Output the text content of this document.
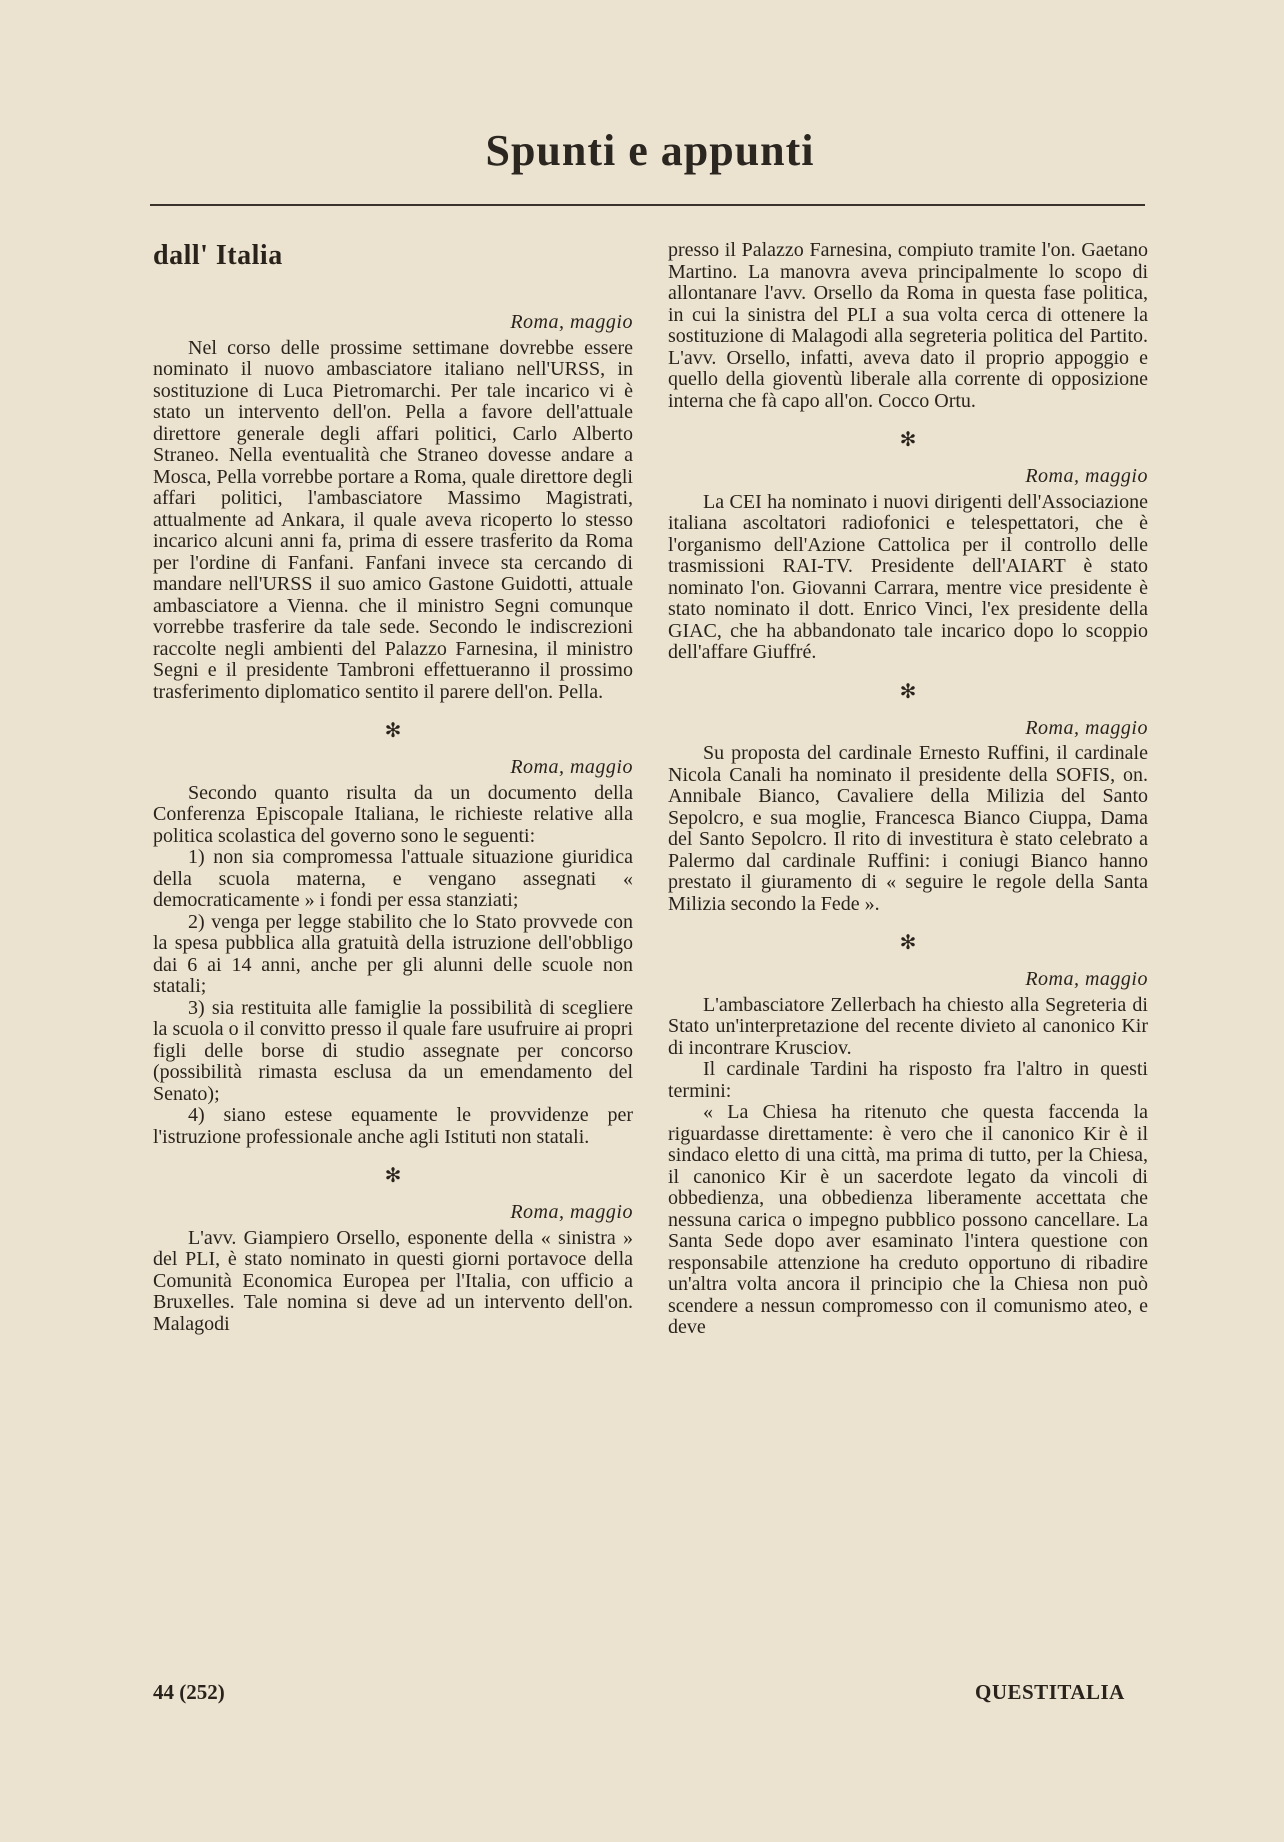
Spunti e appunti
dall' Italia
Roma, maggio

Nel corso delle prossime settimane dovrebbe essere nominato il nuovo ambasciatore italiano nell'URSS, in sostituzione di Luca Pietromarchi. Per tale incarico vi è stato un intervento dell'on. Pella a favore dell'attuale direttore generale degli affari politici, Carlo Alberto Straneo. Nella eventualità che Straneo dovesse andare a Mosca, Pella vorrebbe portare a Roma, quale direttore degli affari politici, l'ambasciatore Massimo Magistrati, attualmente ad Ankara, il quale aveva ricoperto lo stesso incarico alcuni anni fa, prima di essere trasferito da Roma per l'ordine di Fanfani. Fanfani invece sta cercando di mandare nell'URSS il suo amico Gastone Guidotti, attuale ambasciatore a Vienna. che il ministro Segni comunque vorrebbe trasferire da tale sede. Secondo le indiscrezioni raccolte negli ambienti del Palazzo Farnesina, il ministro Segni e il presidente Tambroni effettueranno il prossimo trasferimento diplomatico sentito il parere dell'on. Pella.

✻
Roma, maggio

Secondo quanto risulta da un documento della Conferenza Episcopale Italiana, le richieste relative alla politica scolastica del governo sono le seguenti:

1) non sia compromessa l'attuale situazione giuridica della scuola materna, e vengano assegnati « democraticamente » i fondi per essa stanziati;

2) venga per legge stabilito che lo Stato provvede con la spesa pubblica alla gratuità della istruzione dell'obbligo dai 6 ai 14 anni, anche per gli alunni delle scuole non statali;

3) sia restituita alle famiglie la possibilità di scegliere la scuola o il convitto presso il quale fare usufruire ai propri figli delle borse di studio assegnate per concorso (possibilità rimasta esclusa da un emendamento del Senato);

4) siano estese equamente le provvidenze per l'istruzione professionale anche agli Istituti non statali.

✻
Roma, maggio

L'avv. Giampiero Orsello, esponente della « sinistra » del PLI, è stato nominato in questi giorni portavoce della Comunità Economica Europea per l'Italia, con ufficio a Bruxelles. Tale nomina si deve ad un intervento dell'on. Malagodi

presso il Palazzo Farnesina, compiuto tramite l'on. Gaetano Martino. La manovra aveva principalmente lo scopo di allontanare l'avv. Orsello da Roma in questa fase politica, in cui la sinistra del PLI a sua volta cerca di ottenere la sostituzione di Malagodi alla segreteria politica del Partito. L'avv. Orsello, infatti, aveva dato il proprio appoggio e quello della gioventù liberale alla corrente di opposizione interna che fà capo all'on. Cocco Ortu.

✻
Roma, maggio

La CEI ha nominato i nuovi dirigenti dell'Associazione italiana ascoltatori radiofonici e telespettatori, che è l'organismo dell'Azione Cattolica per il controllo delle trasmissioni RAI-TV. Presidente dell'AIART è stato nominato l'on. Giovanni Carrara, mentre vice presidente è stato nominato il dott. Enrico Vinci, l'ex presidente della GIAC, che ha abbandonato tale incarico dopo lo scoppio dell'affare Giuffré.

✻
Roma, maggio

Su proposta del cardinale Ernesto Ruffini, il cardinale Nicola Canali ha nominato il presidente della SOFIS, on. Annibale Bianco, Cavaliere della Milizia del Santo Sepolcro, e sua moglie, Francesca Bianco Ciuppa, Dama del Santo Sepolcro. Il rito di investitura è stato celebrato a Palermo dal cardinale Ruffini: i coniugi Bianco hanno prestato il giuramento di « seguire le regole della Santa Milizia secondo la Fede ».

✻
Roma, maggio

L'ambasciatore Zellerbach ha chiesto alla Segreteria di Stato un'interpretazione del recente divieto al canonico Kir di incontrare Krusciov.

Il cardinale Tardini ha risposto fra l'altro in questi termini:

« La Chiesa ha ritenuto che questa faccenda la riguardasse direttamente: è vero che il canonico Kir è il sindaco eletto di una città, ma prima di tutto, per la Chiesa, il canonico Kir è un sacerdote legato da vincoli di obbedienza, una obbedienza liberamente accettata che nessuna carica o impegno pubblico possono cancellare. La Santa Sede dopo aver esaminato l'intera questione con responsabile attenzione ha creduto opportuno di ribadire un'altra volta ancora il principio che la Chiesa non può scendere a nessun compromesso con il comunismo ateo, e deve

44 (252)	QUESTITALIA
